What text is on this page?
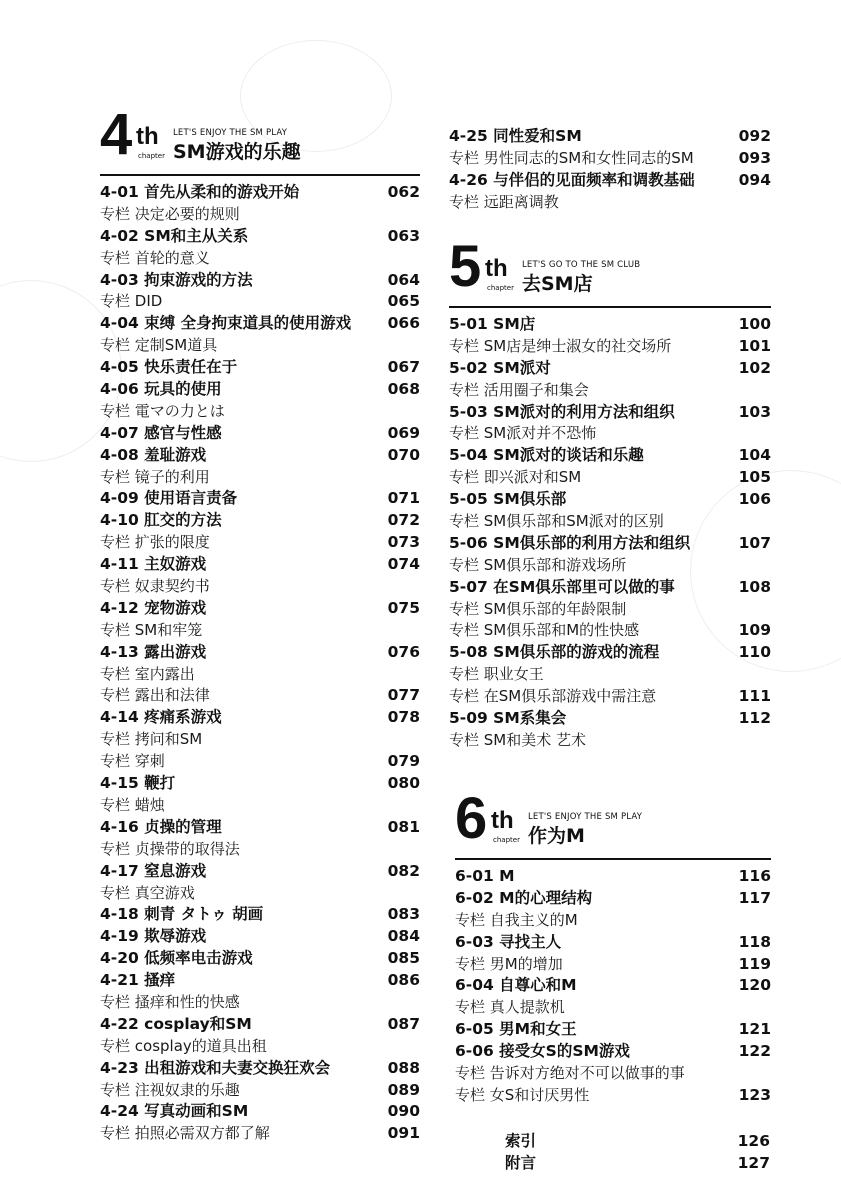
4 th
chapter
LET'S ENJOY THE SM PLAY
SM游戏的乐趣
4-01 首先从柔和的游戏开始	062
专栏 决定必要的规则
4-02 SM和主从关系	063
专栏 首轮的意义
4-03 拘束游戏的方法	064
专栏 DID	065
4-04 束缚 全身拘束道具的使用游戏	066
专栏 定制SM道具
4-05 快乐责任在于	067
4-06 玩具的使用	068
专栏 電マの力とは
4-07 感官与性感	069
4-08 羞耻游戏	070
专栏 镜子的利用
4-09 使用语言责备	071
4-10 肛交的方法	072
专栏 扩张的限度	073
4-11 主奴游戏	074
专栏 奴隶契约书
4-12 宠物游戏	075
专栏 SM和牢笼
4-13 露出游戏	076
专栏 室内露出
专栏 露出和法律	077
4-14 疼痛系游戏	078
专栏 拷问和SM
专栏 穿刺	079
4-15 鞭打	080
专栏 蜡烛
4-16 贞操的管理	081
专栏 贞操带的取得法
4-17 窒息游戏	082
专栏 真空游戏
4-18 刺青 タトゥ 胡画	083
4-19 欺辱游戏	084
4-20 低频率电击游戏	085
4-21 搔痒	086
专栏 搔痒和性的快感
4-22 cosplay和SM	087
专栏 cosplay的道具出租
4-23 出租游戏和夫妻交换狂欢会	088
专栏 注视奴隶的乐趣	089
4-24 写真动画和SM	090
专栏 拍照必需双方都了解	091
4-25 同性爱和SM	092
专栏 男性同志的SM和女性同志的SM	093
4-26 与伴侣的见面频率和调教基础	094
专栏 远距离调教
5 th
chapter
LET'S GO TO THE SM CLUB
去SM店
5-01 SM店	100
专栏 SM店是绅士淑女的社交场所	101
5-02 SM派对	102
专栏 活用圈子和集会
5-03 SM派对的利用方法和组织	103
专栏 SM派对并不恐怖
5-04 SM派对的谈话和乐趣	104
专栏 即兴派对和SM	105
5-05 SM俱乐部	106
专栏 SM俱乐部和SM派对的区别
5-06 SM俱乐部的利用方法和组织	107
专栏 SM俱乐部和游戏场所
5-07 在SM俱乐部里可以做的事	108
专栏 SM俱乐部的年龄限制
专栏 SM俱乐部和M的性快感	109
5-08 SM俱乐部的游戏的流程	110
专栏 职业女王
专栏 在SM俱乐部游戏中需注意	111
5-09 SM系集会	112
专栏 SM和美术 艺术
6 th
chapter
LET'S ENJOY THE SM PLAY
作为M
6-01 M	116
6-02 M的心理结构	117
专栏 自我主义的M
6-03 寻找主人	118
专栏 男M的增加	119
6-04 自尊心和M	120
专栏 真人提款机
6-05 男M和女王	121
6-06 接受女S的SM游戏	122
专栏 告诉对方绝对不可以做事的事
专栏 女S和讨厌男性	123
索引	126
附言	127
